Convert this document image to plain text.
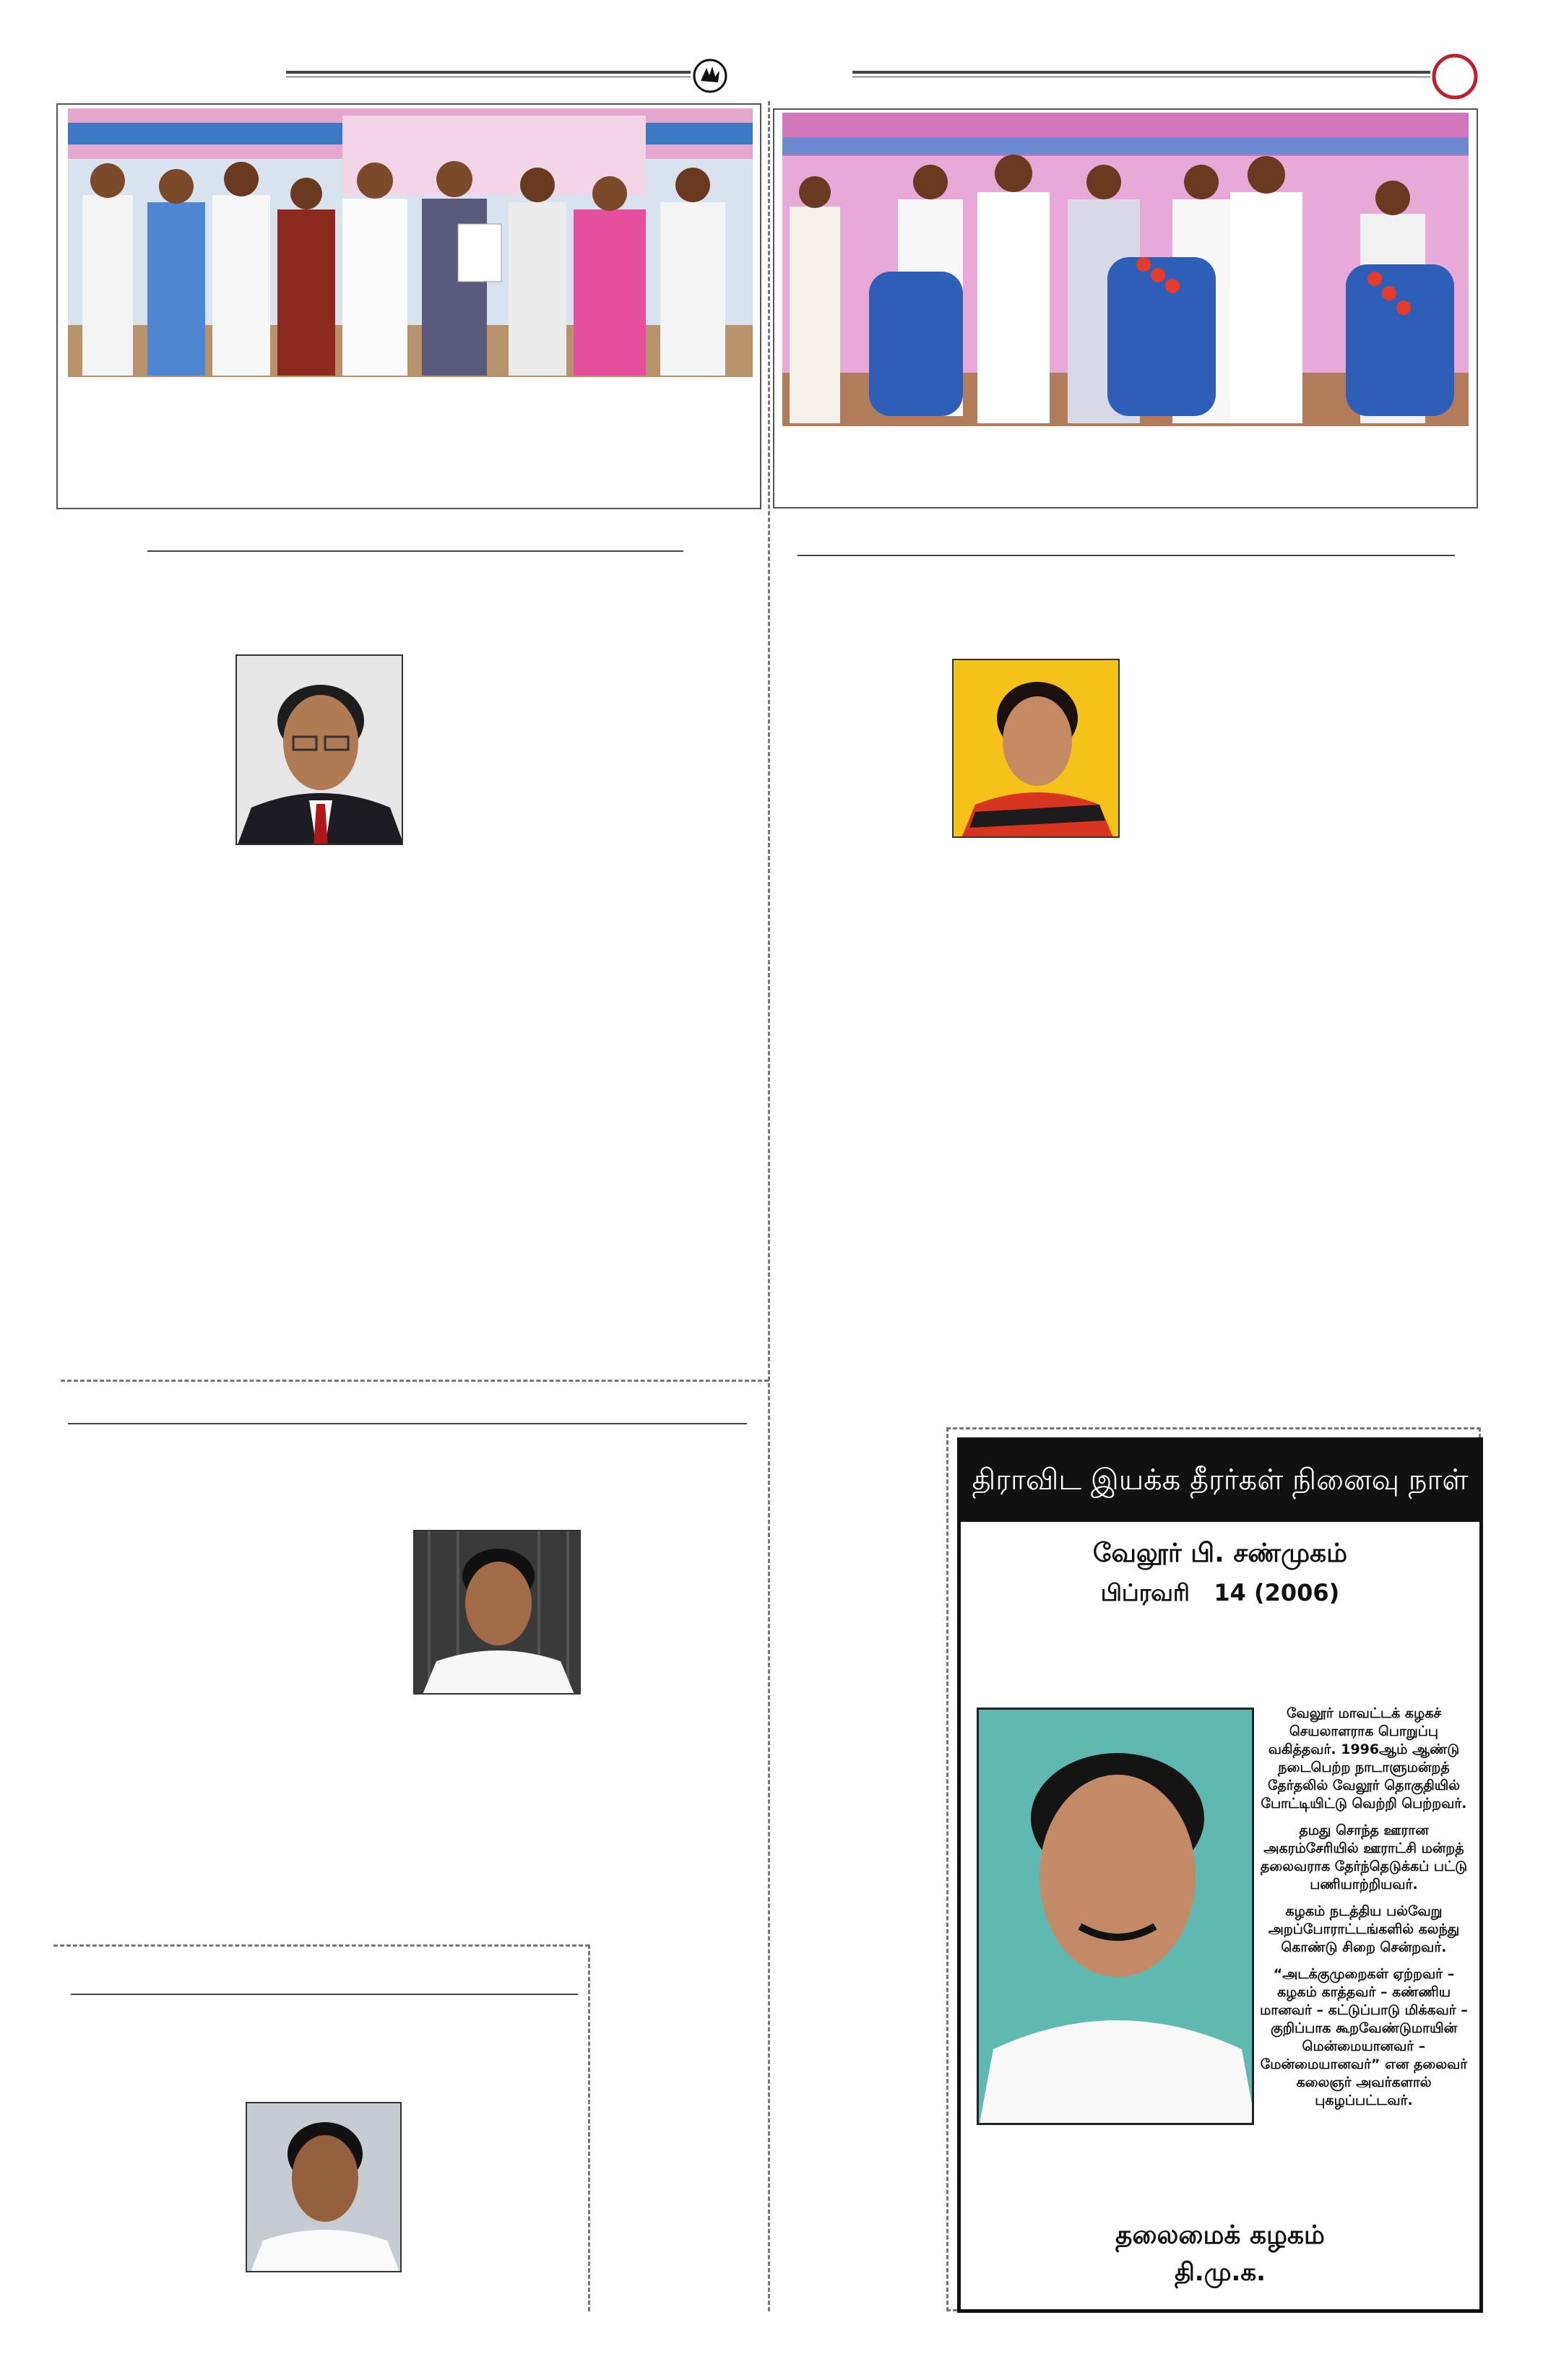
திராவிட இயக்க தீரர்கள் நினைவு நாள்
வேலூர் பி. சண்முகம்
பிப்ரவரி   14 (2006)

வேலூர் மாவட்டக் கழகச் செயலாளராக பொறுப்பு வகித்தவர். 1996ஆம் ஆண்டு நடைபெற்ற நாடாளுமன்றத் தேர்தலில் வேலூர் தொகுதியில் போட்டியிட்டு வெற்றி பெற்றவர்.

தமது சொந்த ஊரான அகரம்சேரியில் ஊராட்சி மன்றத் தலைவராக தேர்ந்தெடுக்கப் பட்டு பணியாற்றியவர்.

கழகம் நடத்திய பல்வேறு அறப்போராட்டங்களில் கலந்து கொண்டு சிறை சென்றவர்.

“அடக்குமுறைகள் ஏற்றவர் – கழகம் காத்தவர் – கண்ணிய மானவர் – கட்டுப்பாடு மிக்கவர் – குறிப்பாக கூறவேண்டுமாயின் மென்மையானவர் – மேன்மையானவர்” என தலைவர் கலைஞர் அவர்களால் புகழப்பட்டவர்.

தலைமைக் கழகம்
தி.மு.க.
